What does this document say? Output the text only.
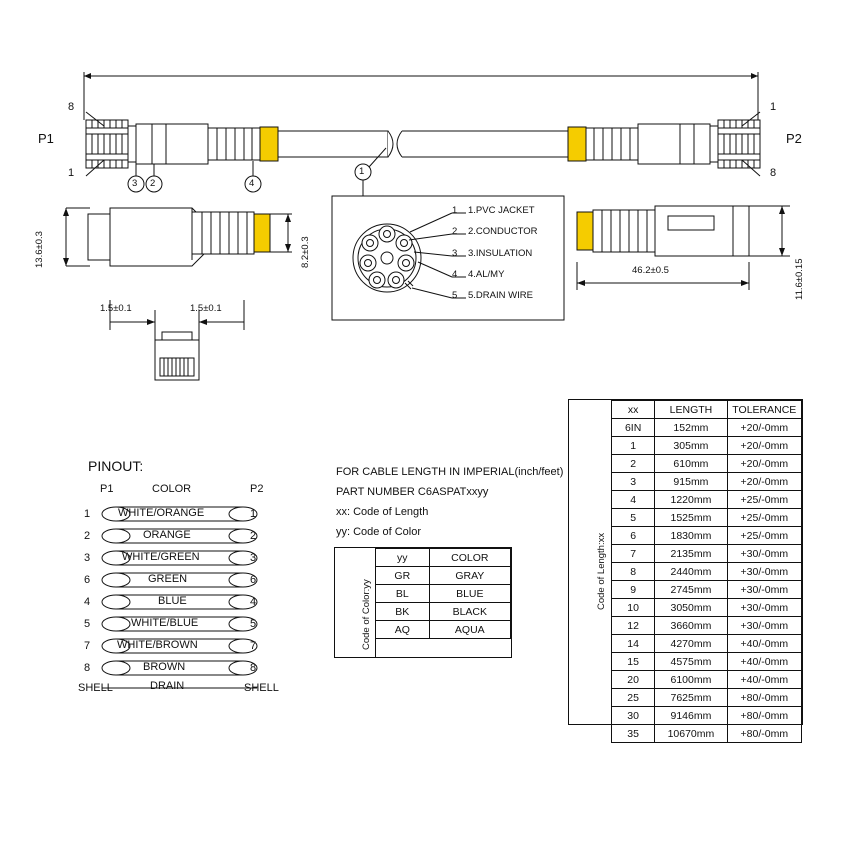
P1	P2
8
1
1
8
3 2	4
1
13.6±0.3	8.2±0.3
1.5±0.1	1.5±0.1
46.2±0.5	11.6±0.15
1 1.PVC JACKET
2 2.CONDUCTOR
3 3.INSULATION
4 4.AL/MY
5 5.DRAIN WIRE
PINOUT:
P1	COLOR	P2
1	WHITE/ORANGE	1
2	ORANGE	2
3	WHITE/GREEN	3
6	GREEN	6
4	BLUE	4
5	WHITE/BLUE	5
7 WHITE/BROWN	7
8	BROWN	8
SHELL	DRAIN	SHELL
FOR CABLE LENGTH IN IMPERIAL(inch/feet)
PART NUMBER C6ASPATxxyy
xx: Code of Length
yy: Code of Color
Code of Color:yy
yy	COLOR
GR	GRAY
BL	BLUE
BK	BLACK
AQ	AQUA
Code of Length:xx
xx	LENGTH	TOLERANCE
6IN	152mm	+20/-0mm
1	305mm	+20/-0mm
2	610mm	+20/-0mm
3	915mm	+20/-0mm
4	1220mm	+25/-0mm
5	1525mm	+25/-0mm
6	1830mm	+25/-0mm
7	2135mm	+30/-0mm
8	2440mm	+30/-0mm
9	2745mm	+30/-0mm
10	3050mm	+30/-0mm
12	3660mm	+30/-0mm
14	4270mm	+40/-0mm
15	4575mm	+40/-0mm
20	6100mm	+40/-0mm
25	7625mm	+80/-0mm
30	9146mm	+80/-0mm
35	10670mm	+80/-0mm
